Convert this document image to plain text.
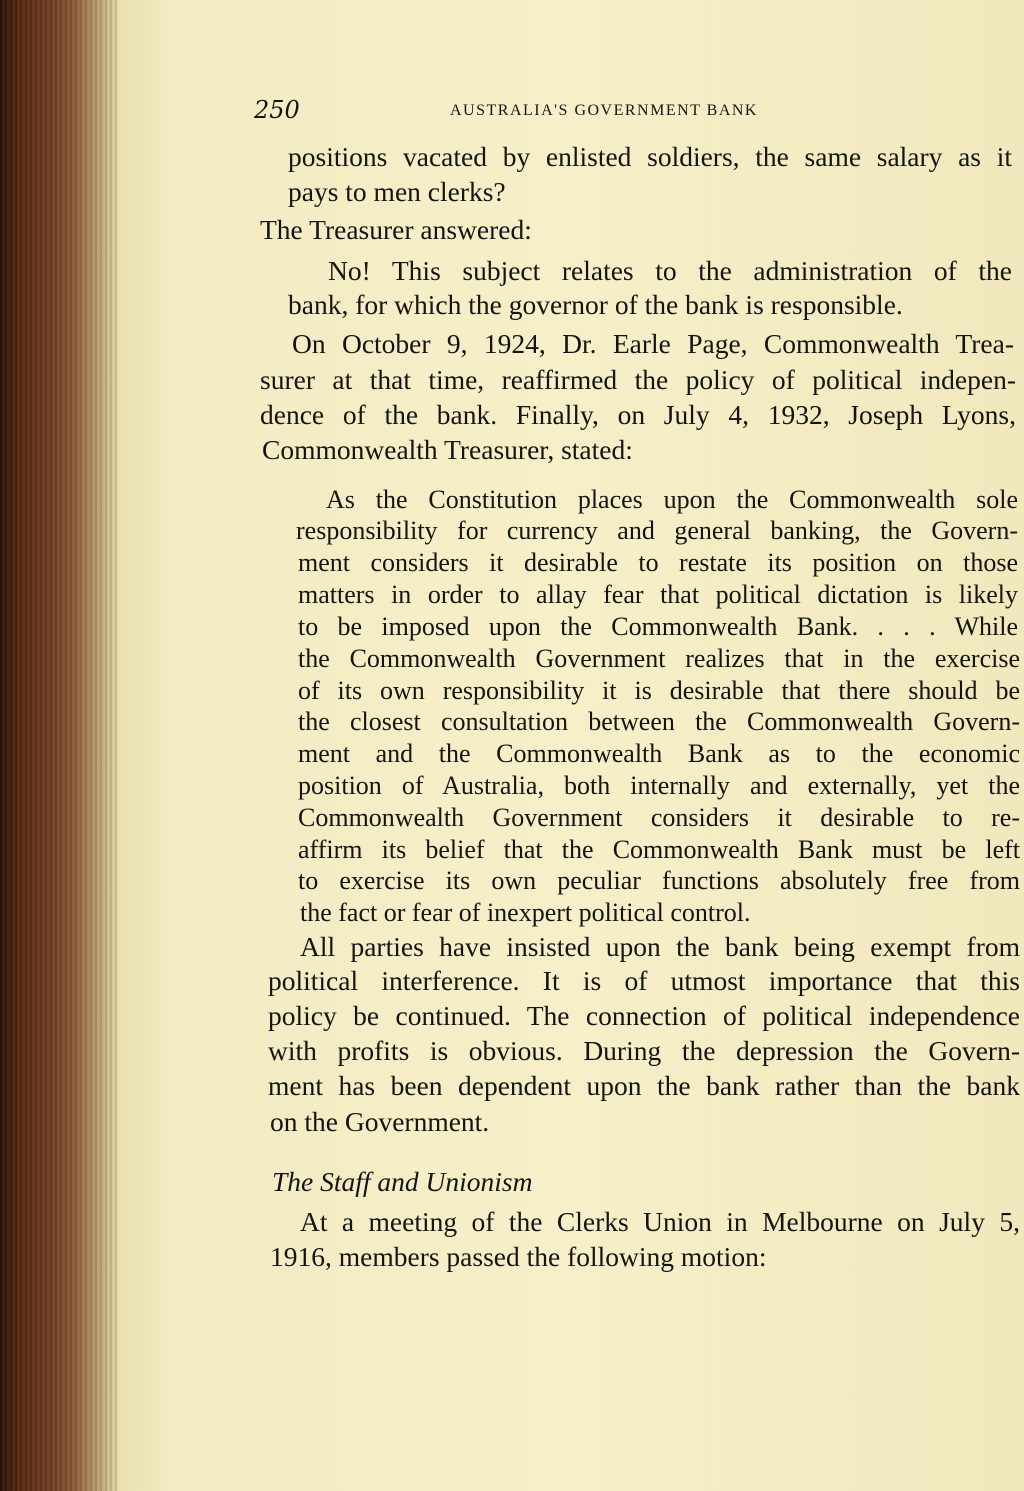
250	AUSTRALIA'S GOVERNMENT BANK
positions vacated by enlisted soldiers, the same salary as it
pays to men clerks?
The Treasurer answered:
No! This subject relates to the administration of the
bank, for which the governor of the bank is responsible.
On October 9, 1924, Dr. Earle Page, Commonwealth Trea-
surer at that time, reaffirmed the policy of political indepen-
dence of the bank. Finally, on July 4, 1932, Joseph Lyons,
Commonwealth Treasurer, stated:
As the Constitution places upon the Commonwealth sole
responsibility for currency and general banking, the Govern-
ment considers it desirable to restate its position on those
matters in order to allay fear that political dictation is likely
to be imposed upon the Commonwealth Bank. . . . While
the Commonwealth Government realizes that in the exercise
of its own responsibility it is desirable that there should be
the closest consultation between the Commonwealth Govern-
ment and the Commonwealth Bank as to the economic
position of Australia, both internally and externally, yet the
Commonwealth Government considers it desirable to re-
affirm its belief that the Commonwealth Bank must be left
to exercise its own peculiar functions absolutely free from
the fact or fear of inexpert political control.
All parties have insisted upon the bank being exempt from
political interference. It is of utmost importance that this
policy be continued. The connection of political independence
with profits is obvious. During the depression the Govern-
ment has been dependent upon the bank rather than the bank
on the Government.
The Staff and Unionism
At a meeting of the Clerks Union in Melbourne on July 5,
1916, members passed the following motion:
